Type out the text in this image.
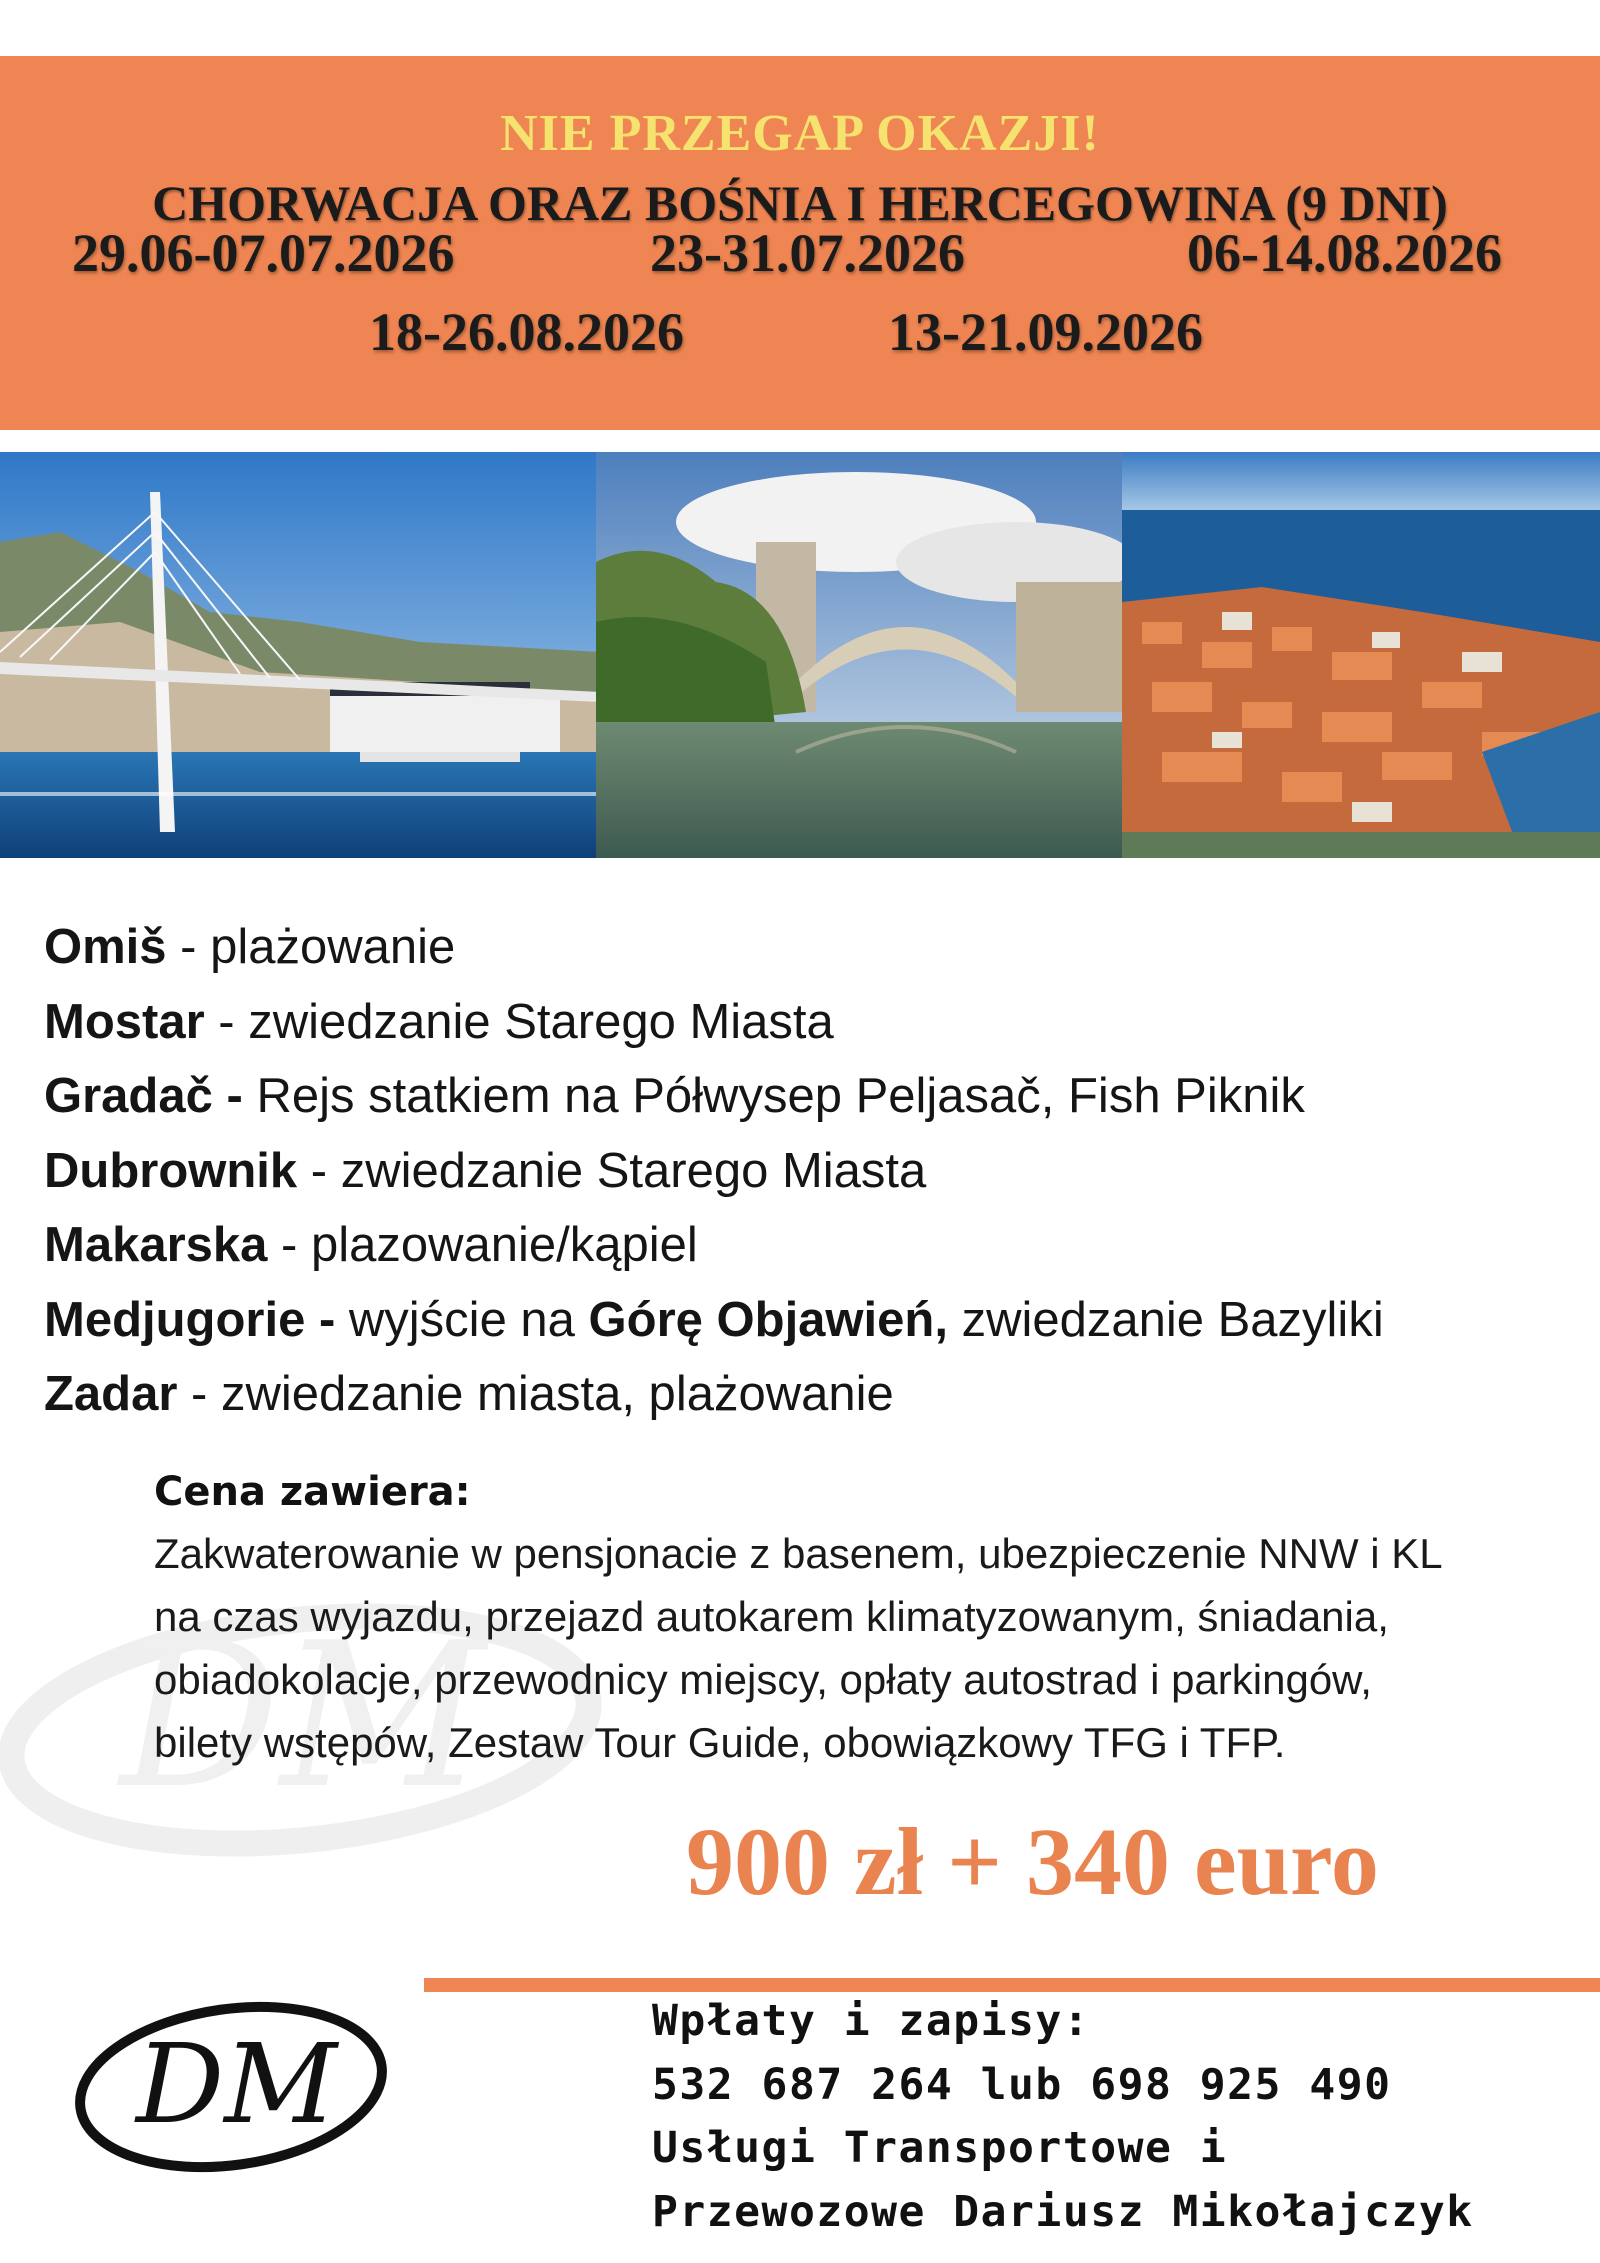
NIE PRZEGAP OKAZJI!
CHORWACJA ORAZ BOŚNIA I HERCEGOWINA (9 DNI)
29.06-07.07.2026	23-31.07.2026	06-14.08.2026
18-26.08.2026	13-21.09.2026
Omiš - plażowanie
Mostar - zwiedzanie Starego Miasta
Gradač - Rejs statkiem na Półwysep Peljasač, Fish Piknik
Dubrownik - zwiedzanie Starego Miasta
Makarska - plazowanie/kąpiel
Medjugorie - wyjście na Górę Objawień, zwiedzanie Bazyliki
Zadar - zwiedzanie miasta, plażowanie
DM
Cena zawiera:
Zakwaterowanie w pensjonacie z basenem, ubezpieczenie NNW i KL
na czas wyjazdu, przejazd autokarem klimatyzowanym, śniadania,
obiadokolacje, przewodnicy miejscy, opłaty autostrad i parkingów,
bilety wstępów, Zestaw Tour Guide, obowiązkowy TFG i TFP.
900 zł + 340 euro
DM	Wpłaty i zapisy:
532 687 264 lub 698 925 490
Usługi Transportowe i
Przewozowe Dariusz Mikołajczyk
